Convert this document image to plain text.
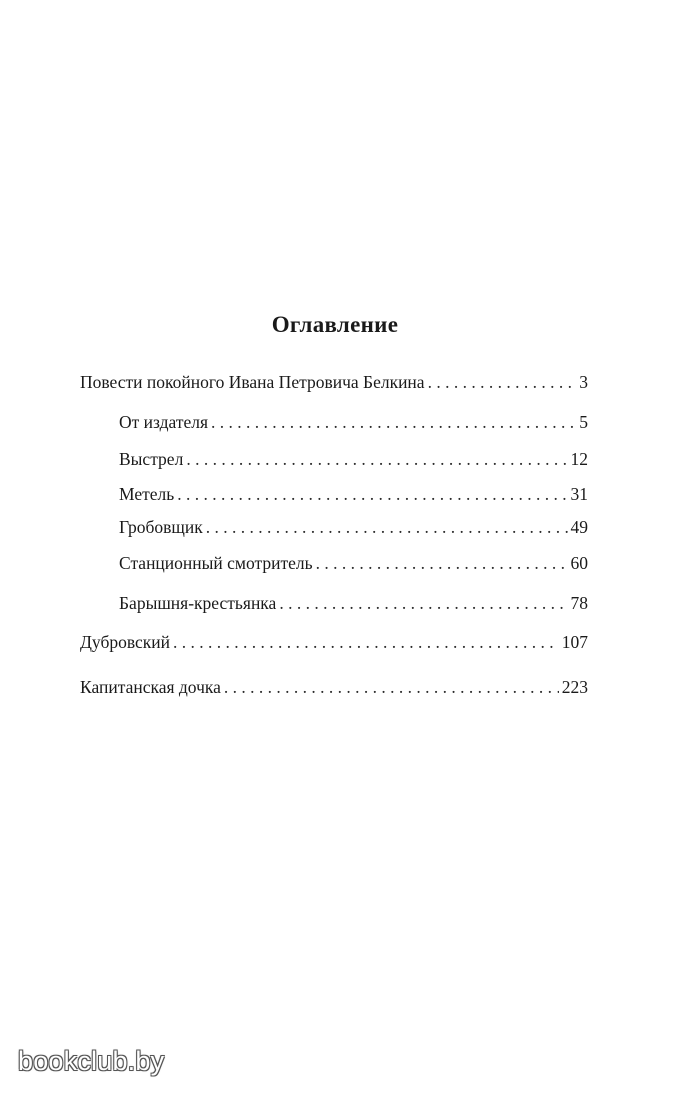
Оглавление
Повести покойного Ивана Петровича Белкина . . .	3
От издателя . . .	5
Выстрел . . .	12
Метель . . .	31
Гробовщик . . .	49
Станционный смотритель . . .	60
Барышня-крестьянка . . .	78
Дубровский . . .	107
Капитанская дочка . . .	223
bookclub.by
